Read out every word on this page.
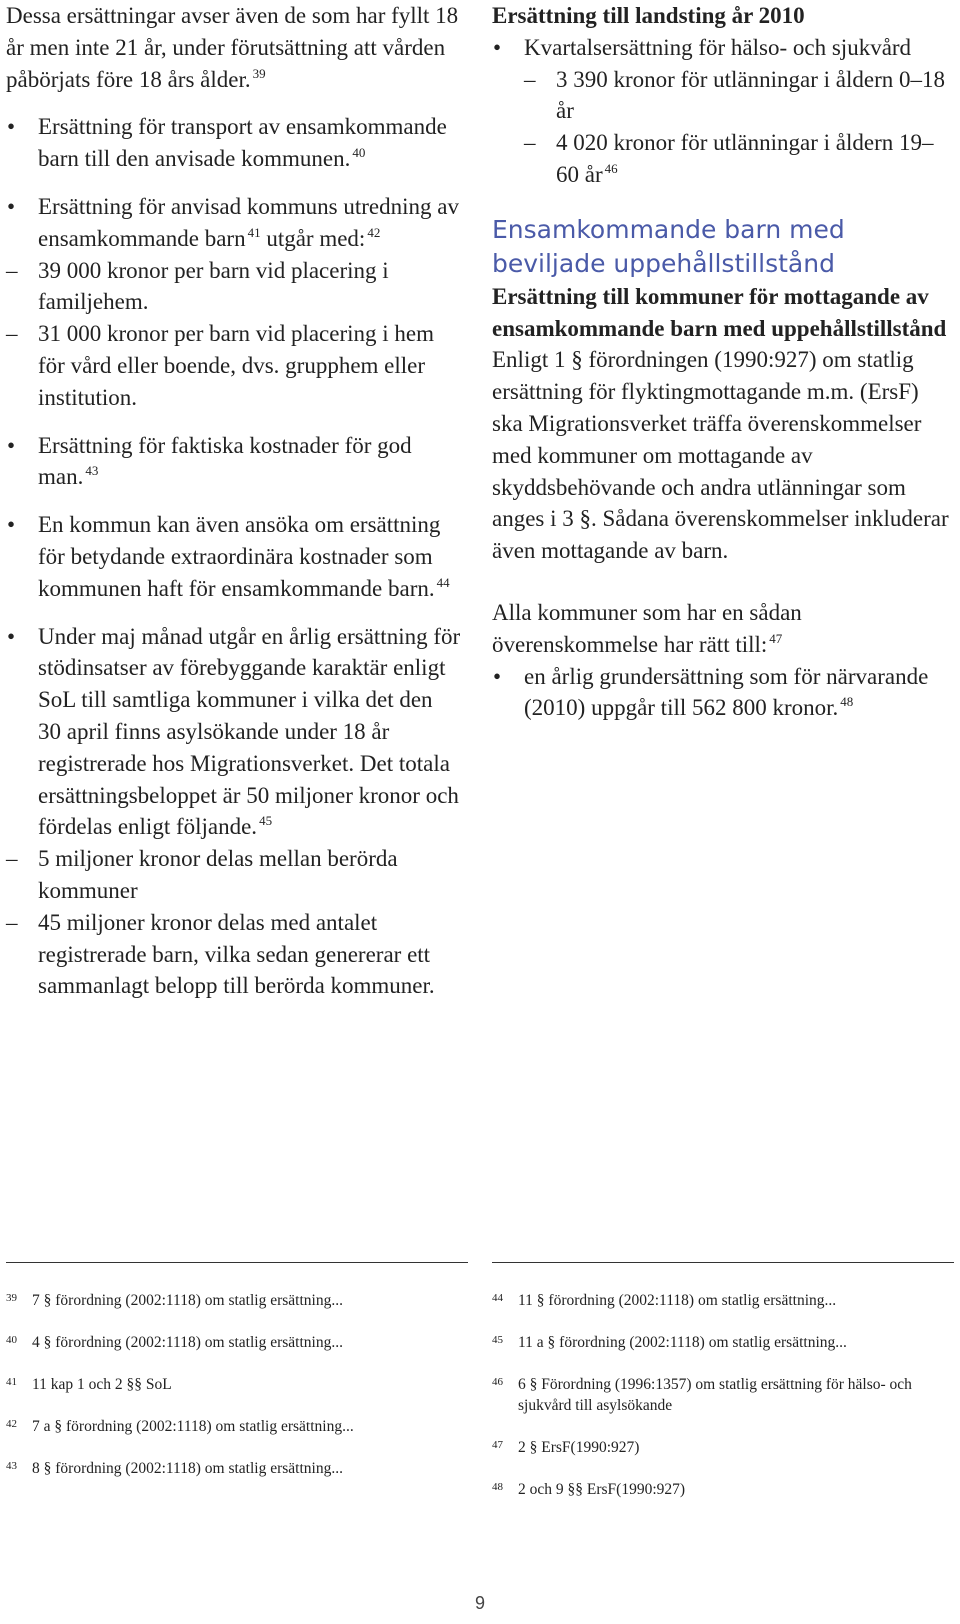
Dessa ersättningar avser även de som har fyllt 18 år men inte 21 år, under förutsättning att vården påbörjats före 18 års ålder. $^{39}$

• Ersättning för transport av ensamkommande barn till den anvisade kommunen. $^{40}$
• Ersättning för anvisad kommuns utredning av ensamkommande barn $^{41}$ utgår med: $^{42}$
– 39 000 kronor per barn vid placering i familjehem.
– 31 000 kronor per barn vid placering i hem för vård eller boende, dvs. grupphem eller institution.
• Ersättning för faktiska kostnader för god man. $^{43}$
• En kommun kan även ansöka om ersättning för betydande extraordinära kostnader som kommunen haft för ensamkommande barn. $^{44}$
• Under maj månad utgår en årlig ersättning för stödinsatser av förebyggande karaktär enligt SoL till samtliga kommuner i vilka det den 30 april finns asylsökande under 18 år registrerade hos Migrationsverket. Det totala ersättningsbeloppet är 50 miljoner kronor och fördelas enligt följande. $^{45}$
– 5 miljoner kronor delas mellan berörda kommuner
– 45 miljoner kronor delas med antalet registrerade barn, vilka sedan genererar ett sammanlagt belopp till berörda kommuner.

Ersättning till landsting år 2010

• Kvartalsersättning för hälso- och sjukvård
– 3 390 kronor för utlänningar i åldern 0–18 år
– 4 020 kronor för utlänningar i åldern 19–60 år $^{46}$

Ensamkommande barn med beviljade uppehållstillstånd

Ersättning till kommuner för mottagande av ensamkommande barn med uppehållstillstånd

Enligt 1 § förordningen (1990:927) om statlig ersättning för flyktingmottagande m.m. (ErsF) ska Migrationsverket träffa överenskommelser med kommuner om mottagande av skyddsbehövande och andra utlänningar som anges i 3 §. Sådana överenskommelser inkluderar även mottagande av barn.

Alla kommuner som har en sådan överenskommelse har rätt till: $^{47}$

• en årlig grundersättning som för närvarande (2010) uppgår till 562 800 kronor. $^{48}$
39 7 § förordning (2002:1118) om statlig ersättning...
40 4 § förordning (2002:1118) om statlig ersättning...
41 11 kap 1 och 2 §§ SoL
42 7 a § förordning (2002:1118) om statlig ersättning...
43 8 § förordning (2002:1118) om statlig ersättning...
44 11 § förordning (2002:1118) om statlig ersättning...
45 11 a § förordning (2002:1118) om statlig ersättning...
46 6 § Förordning (1996:1357) om statlig ersättning för hälso- och sjukvård till asylsökande
47 2 § ErsF(1990:927)
48 2 och 9 §§ ErsF(1990:927)
9
